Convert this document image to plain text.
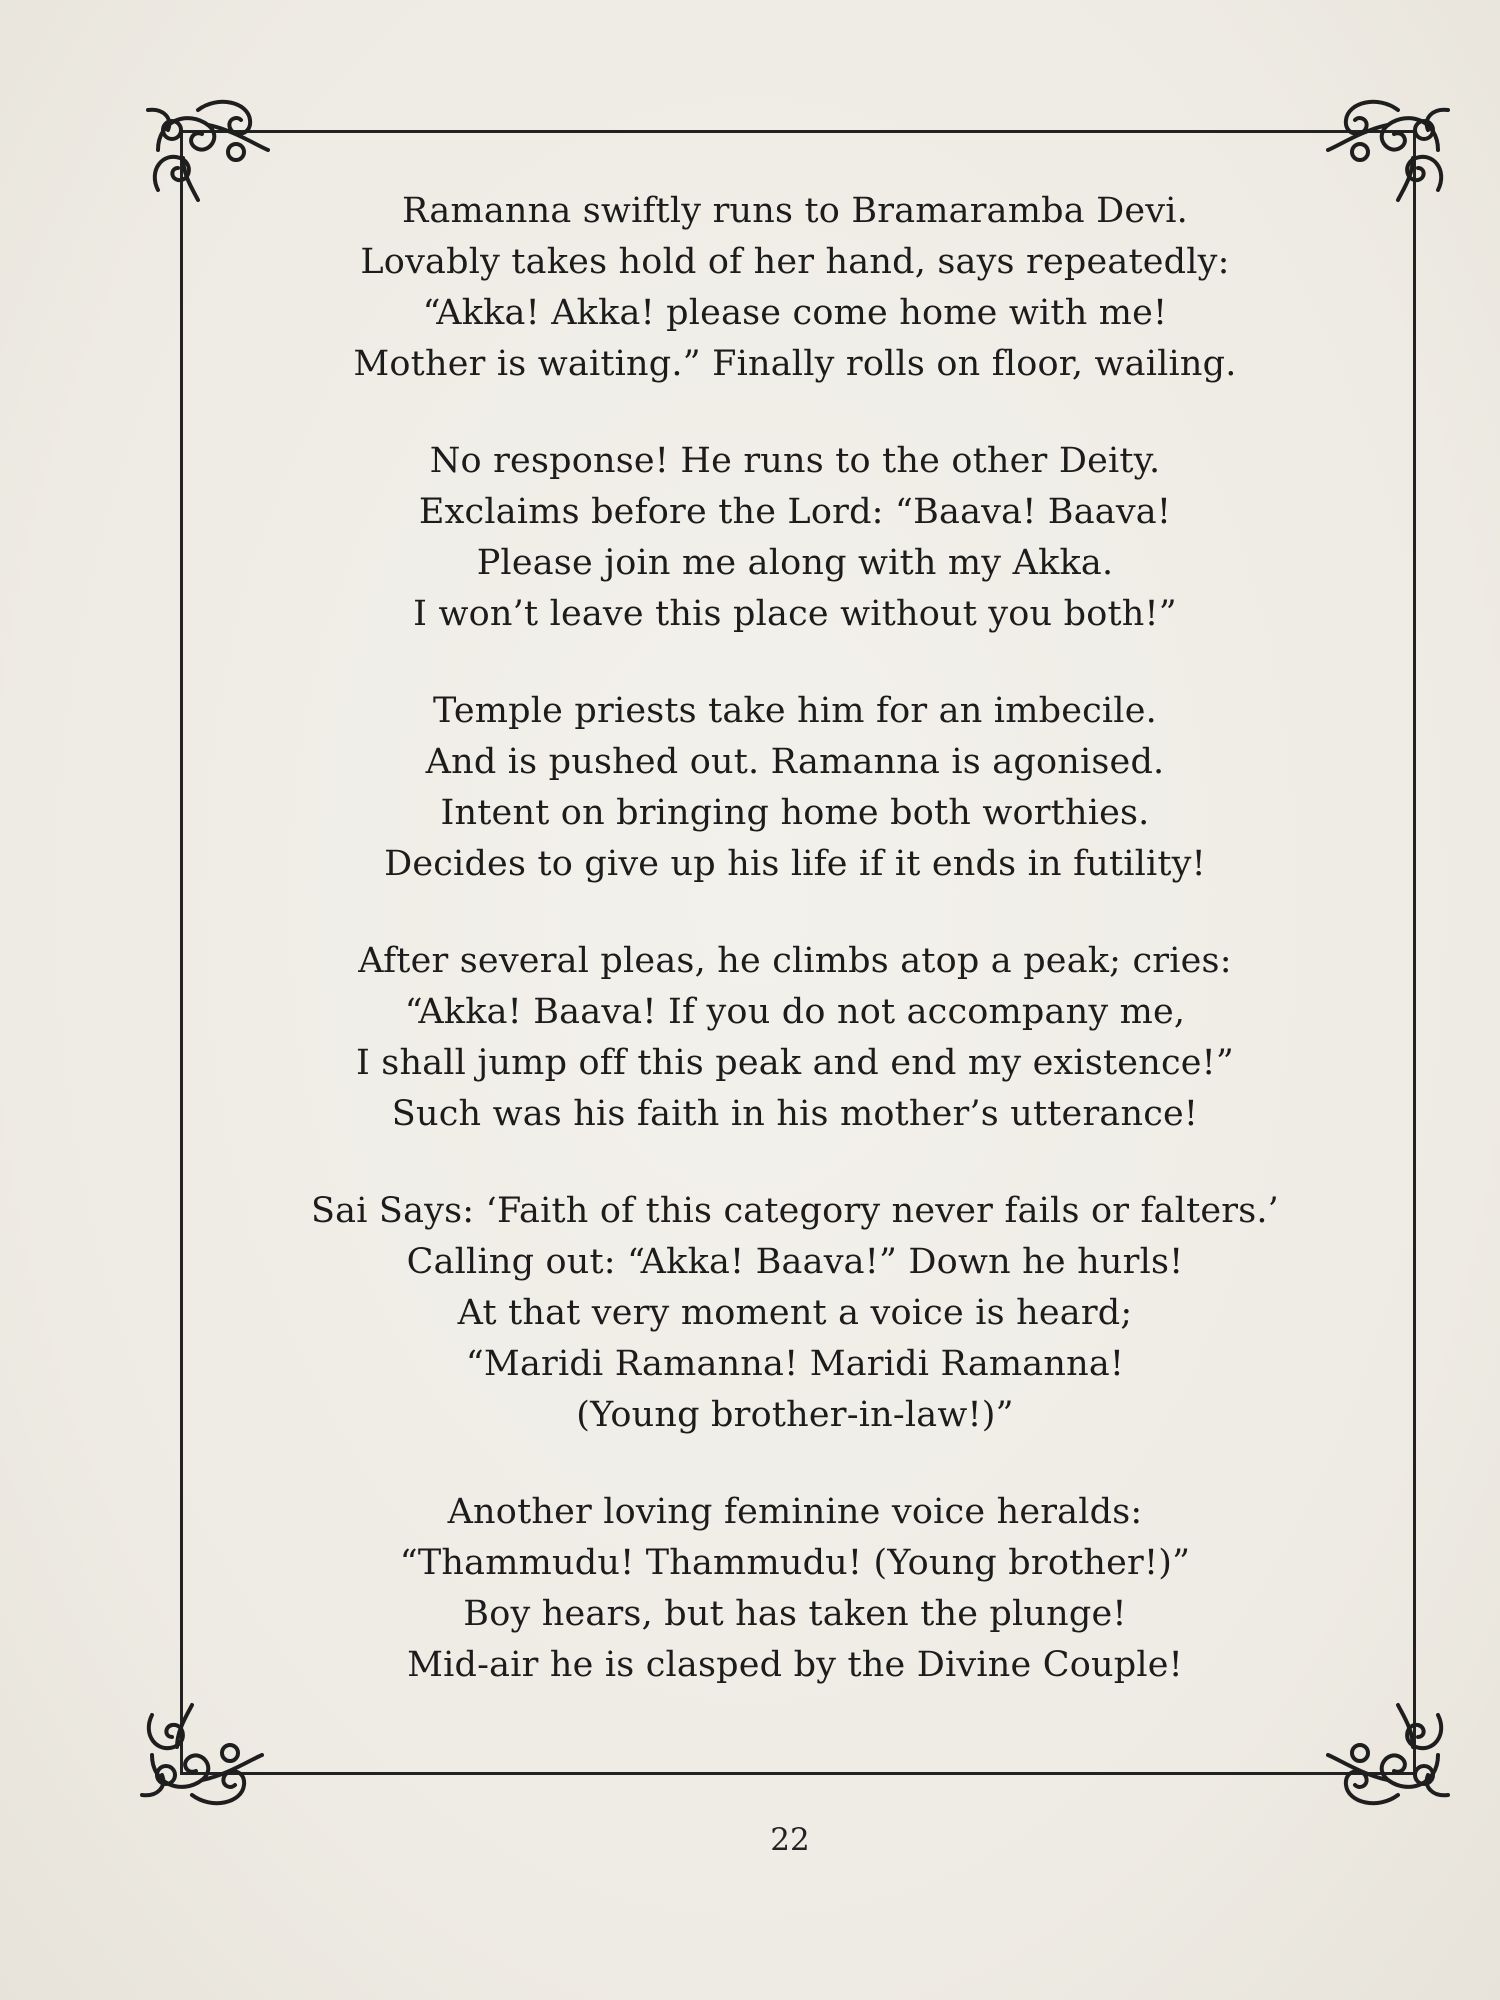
Ramanna swiftly runs to Bramaramba Devi.
Lovably takes hold of her hand, says repeatedly:
“Akka! Akka! please come home with me!
Mother is waiting.” Finally rolls on floor, wailing.
No response! He runs to the other Deity.
Exclaims before the Lord: “Baava! Baava!
Please join me along with my Akka.
I won’t leave this place without you both!”
Temple priests take him for an imbecile.
And is pushed out. Ramanna is agonised.
Intent on bringing home both worthies.
Decides to give up his life if it ends in futility!
After several pleas, he climbs atop a peak; cries:
“Akka! Baava! If you do not accompany me,
I shall jump off this peak and end my existence!”
Such was his faith in his mother’s utterance!
Sai Says: ‘Faith of this category never fails or falters.’
Calling out: “Akka! Baava!” Down he hurls!
At that very moment a voice is heard;
“Maridi Ramanna! Maridi Ramanna!
(Young brother-in-law!)”
Another loving feminine voice heralds:
“Thammudu! Thammudu! (Young brother!)”
Boy hears, but has taken the plunge!
Mid-air he is clasped by the Divine Couple!
22
